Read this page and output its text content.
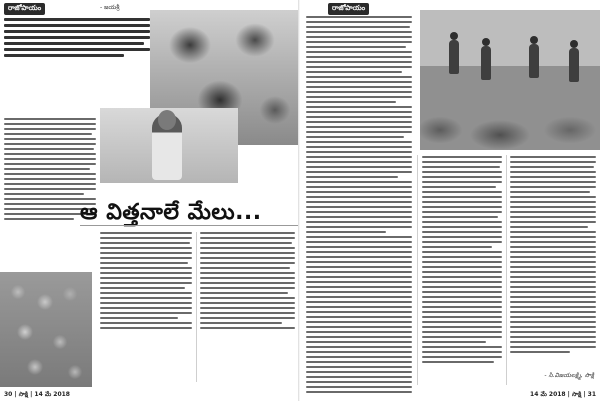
రాజోపాయం	- జయశ్రీ
ఆ విత్తనాలే మేలు...
30 | సాక్షి | 14 మే 2018
రాజోపాయం
- సి.విజయలక్ష్మి, సాక్షి
14 మే 2018 | సాక్షి | 31
